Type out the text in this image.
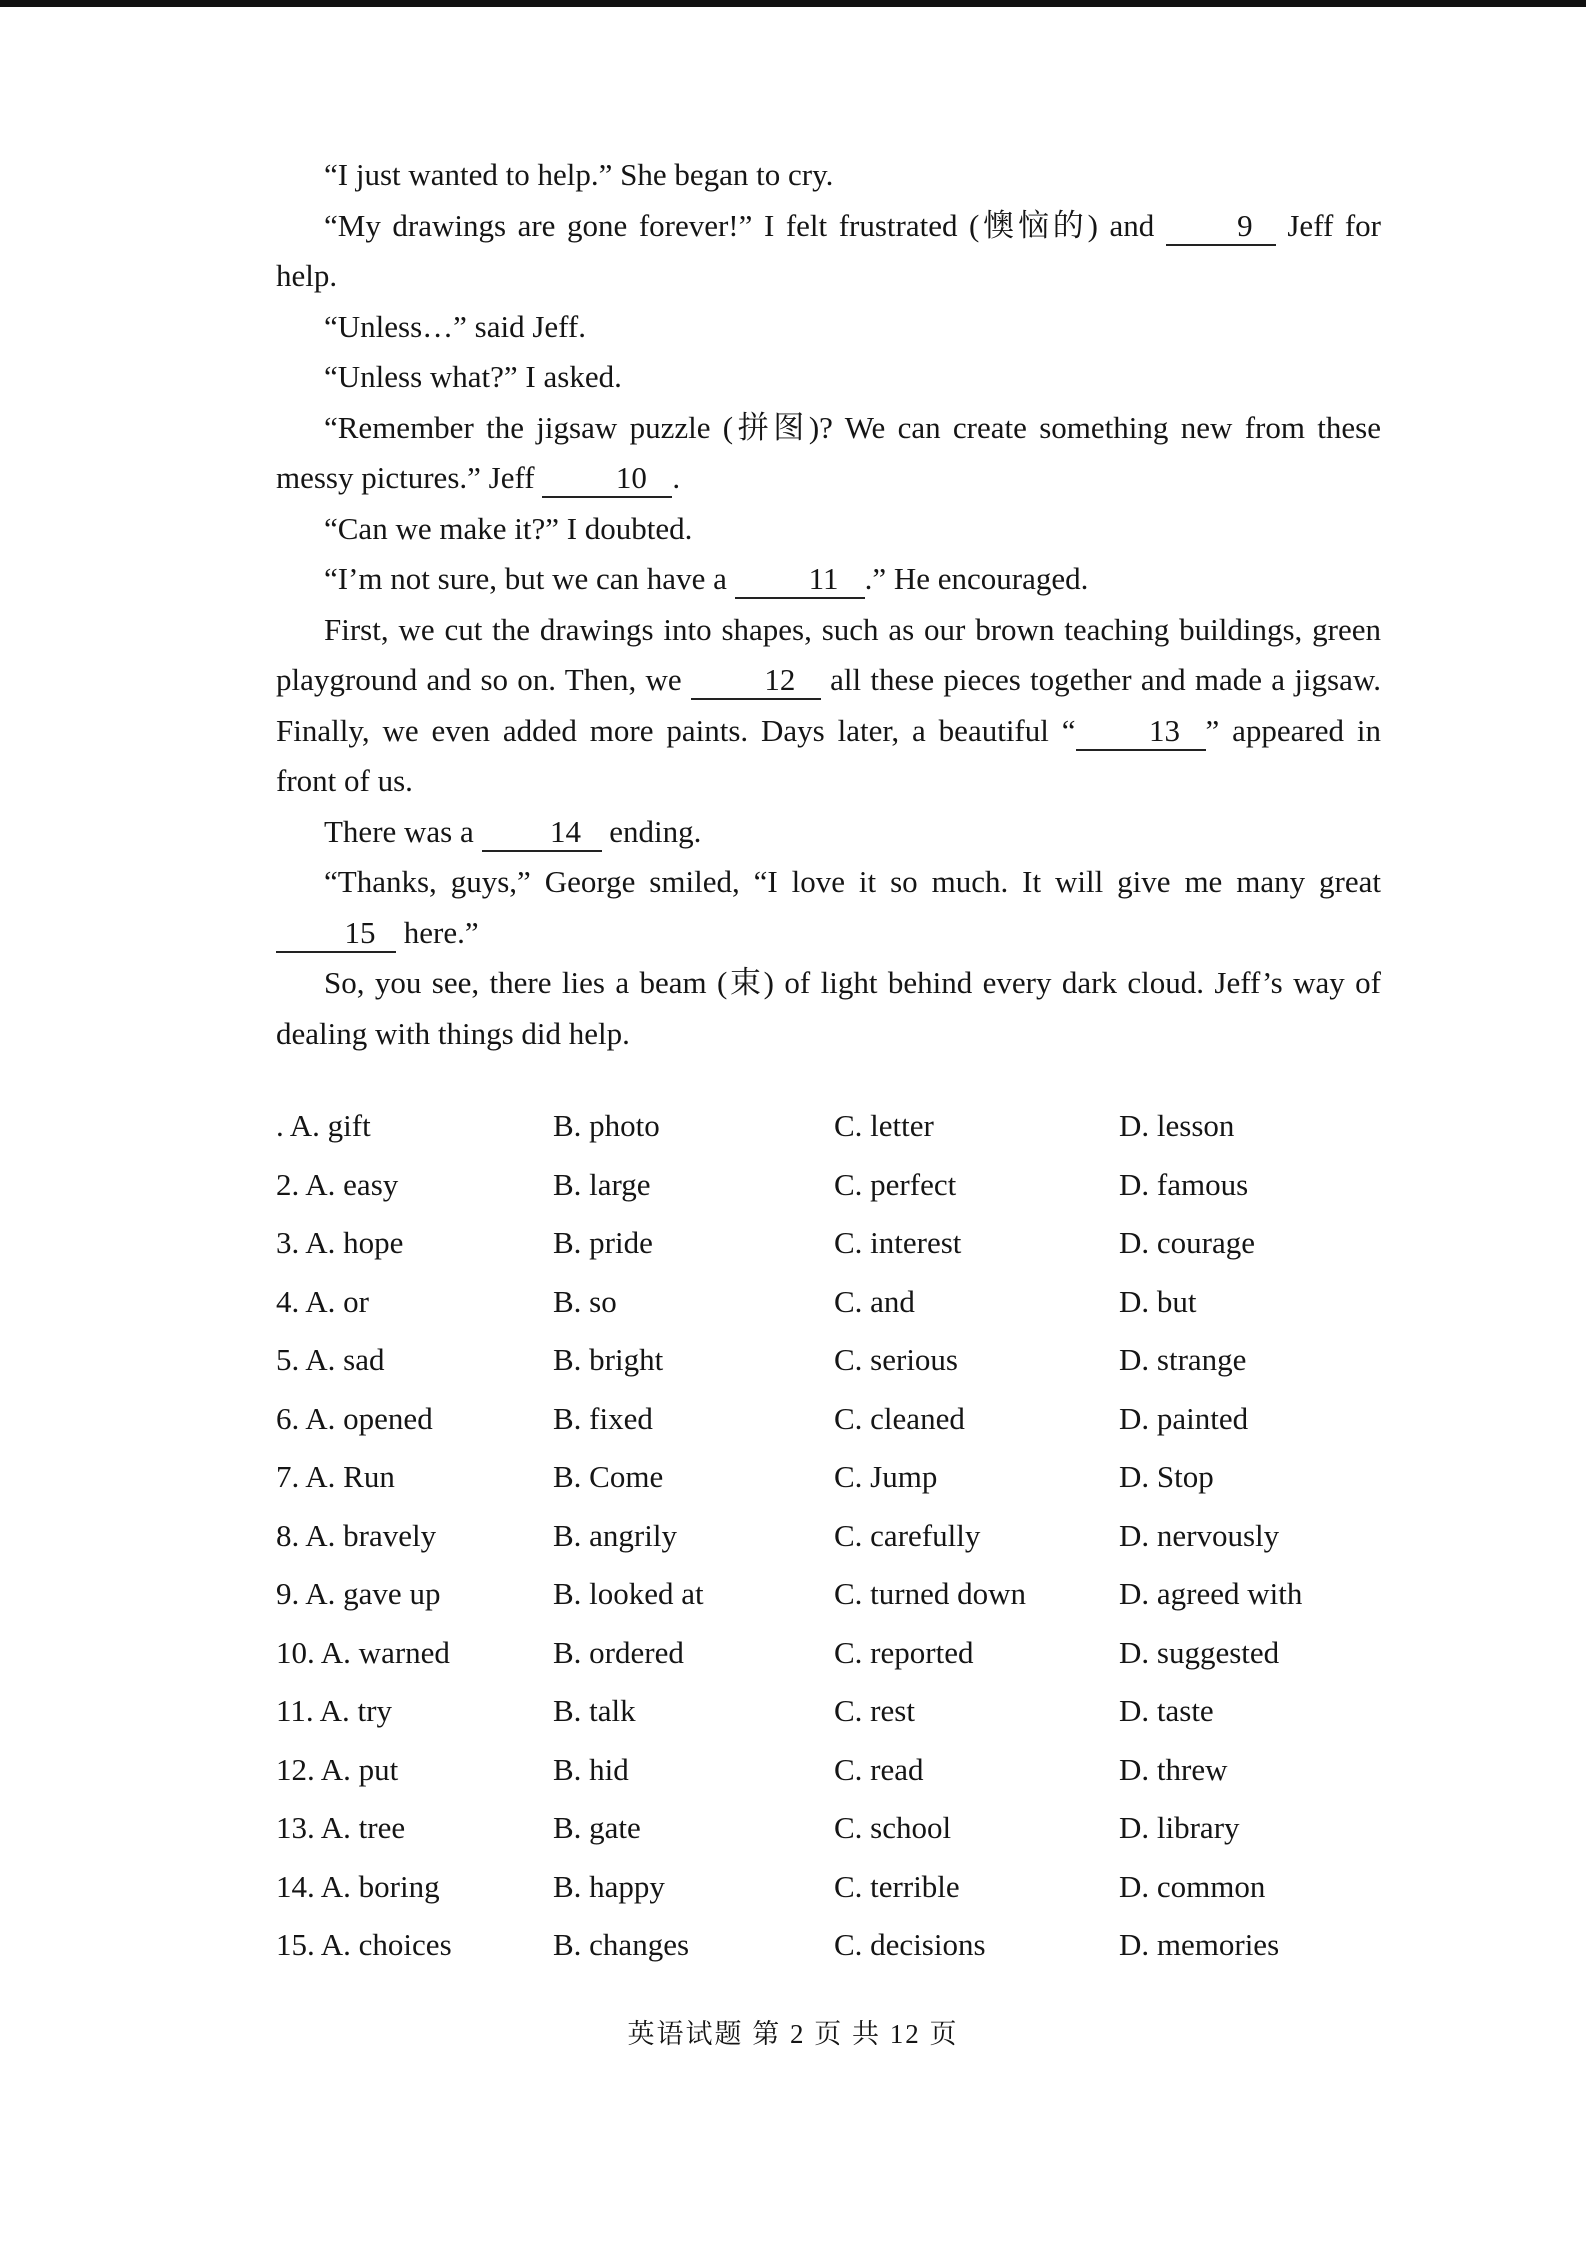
“I just wanted to help.” She began to cry.

“My drawings are gone forever!” I felt frustrated (懊恼的) and 9 Jeff for help.

“Unless…” said Jeff.

“Unless what?” I asked.

“Remember the jigsaw puzzle (拼图)? We can create something new from these messy pictures.” Jeff 10 .

“Can we make it?” I doubted.

“I’m not sure, but we can have a 11 .” He encouraged.

First, we cut the drawings into shapes, such as our brown teaching buildings, green playground and so on. Then, we 12 all these pieces together and made a jigsaw. Finally, we even added more paints. Days later, a beautiful “ 13 ” appeared in front of us.

There was a 14 ending.

“Thanks, guys,” George smiled, “I love it so much. It will give me many great 15 here.”

So, you see, there lies a beam (束) of light behind every dark cloud. Jeff’s way of dealing with things did help.

. A. gift	B. photo	C. letter	D. lesson
2. A. easy	B. large	C. perfect	D. famous
3. A. hope	B. pride	C. interest	D. courage
4. A. or	B. so	C. and	D. but
5. A. sad	B. bright	C. serious	D. strange
6. A. opened	B. fixed	C. cleaned	D. painted
7. A. Run	B. Come	C. Jump	D. Stop
8. A. bravely	B. angrily	C. carefully	D. nervously
9. A. gave up	B. looked at	C. turned down	D. agreed with
10. A. warned	B. ordered	C. reported	D. suggested
11. A. try	B. talk	C. rest	D. taste
12. A. put	B. hid	C. read	D. threw
13. A. tree	B. gate	C. school	D. library
14. A. boring	B. happy	C. terrible	D. common
15. A. choices	B. changes	C. decisions	D. memories
英语试题 第 2 页 共 12 页
